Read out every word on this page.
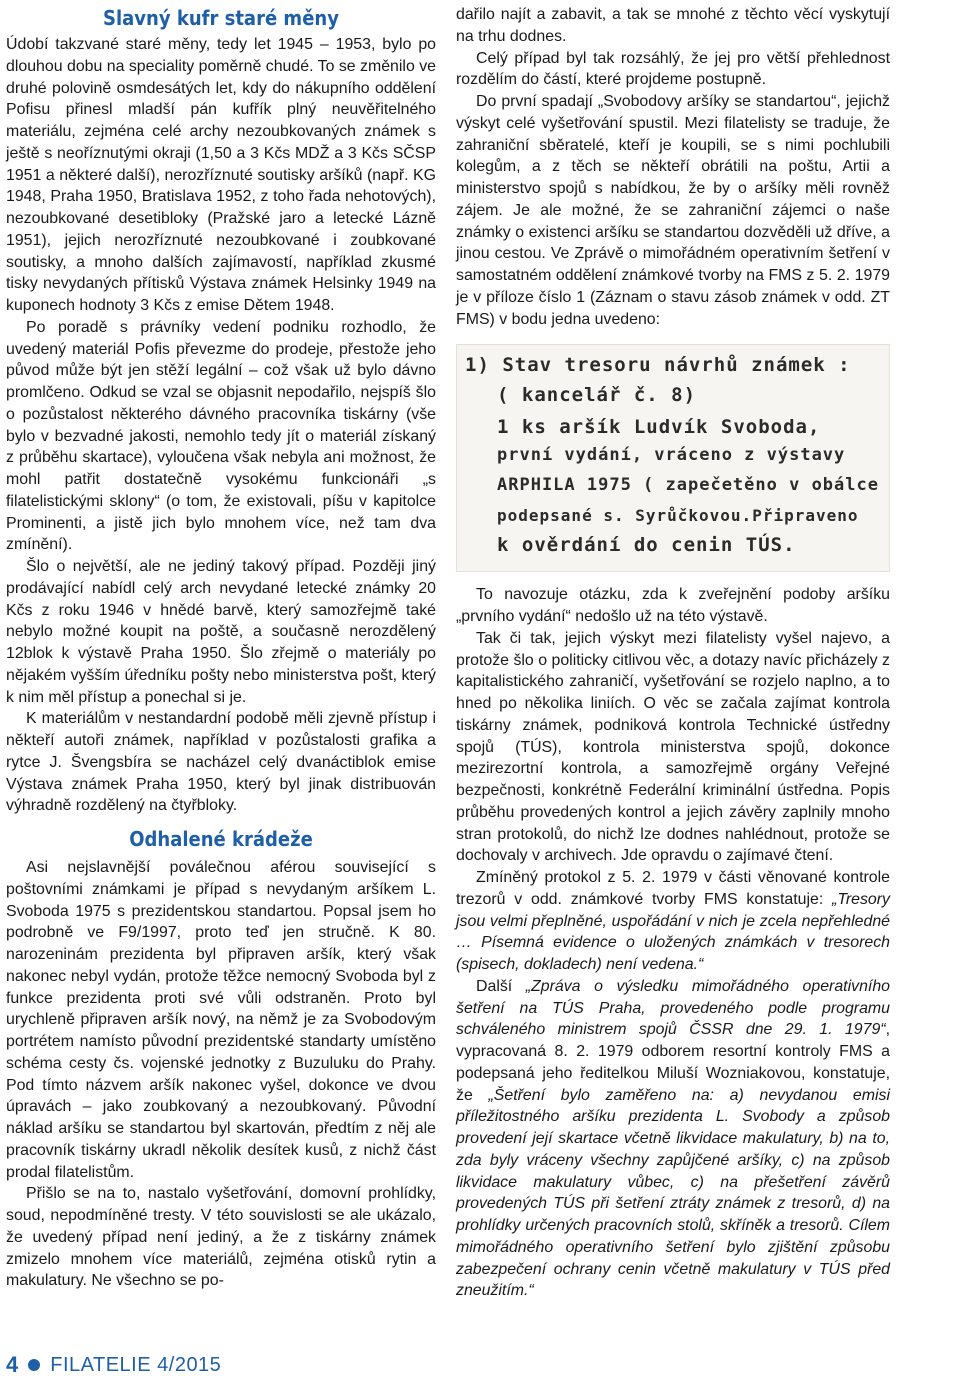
Slavný kufr staré měny

Údobí takzvané staré měny, tedy let 1945 – 1953, bylo po dlouhou dobu na speciality poměrně chudé. To se změnilo ve druhé polovině osmdesátých let, kdy do nákupního oddělení Pofisu přinesl mladší pán kufřík plný neuvěřitelného materiálu, zejména celé archy nezoubkovaných známek s ještě s neoříznutými okraji (1,50 a 3 Kčs MDŽ a 3 Kčs SČSP 1951 a některé další), nerozříznuté soutisky aršíků (např. KG 1948, Praha 1950, Bratislava 1952, z toho řada nehotových), nezoubkované desetibloky (Pražské jaro a letecké Lázně 1951), jejich nerozříznuté nezoubkované i zoubkované soutisky, a mnoho dalších zajímavostí, například zkusmé tisky nevydaných přítisků Výstava známek Helsinky 1949 na kuponech hodnoty 3 Kčs z emise Dětem 1948.

Po poradě s právníky vedení podniku rozhodlo, že uvedený materiál Pofis převezme do prodeje, přestože jeho původ může být jen stěží legální – což však už bylo dávno promlčeno. Odkud se vzal se objasnit nepodařilo, nejspíš šlo o pozůstalost některého dávného pracovníka tiskárny (vše bylo v bezvadné jakosti, nemohlo tedy jít o materiál získaný z průběhu skartace), vyloučena však nebyla ani možnost, že mohl patřit dostatečně vysokému funkcionáři „s filatelistickými sklony“ (o tom, že existovali, píšu v kapitolce Prominenti, a jistě jich bylo mnohem více, než tam dva zmínění).

Šlo o největší, ale ne jediný takový případ. Později jiný prodávající nabídl celý arch nevydané letecké známky 20 Kčs z roku 1946 v hnědé barvě, který samozřejmě také nebylo možné koupit na poště, a současně nerozdělený 12blok k výstavě Praha 1950. Šlo zřejmě o materiály po nějakém vyšším úředníku pošty nebo ministerstva pošt, který k nim měl přístup a ponechal si je.

K materiálům v nestandardní podobě měli zjevně přístup i někteří autoři známek, například v pozůstalosti grafika a rytce J. Švengsbíra se nacházel celý dvanáctiblok emise Výstava známek Praha 1950, který byl jinak distribuován výhradně rozdělený na čtyřbloky.

Odhalené krádeže

Asi nejslavnější poválečnou aférou související s poštovními známkami je případ s nevydaným aršíkem L. Svoboda 1975 s prezidentskou standartou. Popsal jsem ho podrobně ve F9/1997, proto teď jen stručně. K 80. narozeninám prezidenta byl připraven aršík, který však nakonec nebyl vydán, protože těžce nemocný Svoboda byl z funkce prezidenta proti své vůli odstraněn. Proto byl urychleně připraven aršík nový, na němž je za Svobodovým portrétem namísto původní prezidentské standarty umístěno schéma cesty čs. vojenské jednotky z Buzuluku do Prahy. Pod tímto názvem aršík nakonec vyšel, dokonce ve dvou úpravách – jako zoubkovaný a nezoubkovaný. Původní náklad aršíku se standartou byl skartován, předtím z něj ale pracovník tiskárny ukradl několik desítek kusů, z nichž část prodal filatelistům.

Přišlo se na to, nastalo vyšetřování, domovní prohlídky, soud, nepodmíněné tresty. V této souvislosti se ale ukázalo, že uvedený případ není jediný, a že z tiskárny známek zmizelo mnohem více materiálů, zejména otisků rytin a makulatury. Ne všechno se po-

dařilo najít a zabavit, a tak se mnohé z těchto věcí vyskytují na trhu dodnes.

Celý případ byl tak rozsáhlý, že jej pro větší přehlednost rozdělím do částí, které projdeme postupně.

Do první spadají „Svobodovy aršíky se standartou“, jejichž výskyt celé vyšetřování spustil. Mezi filatelisty se traduje, že zahraniční sběratelé, kteří je koupili, se s nimi pochlubili kolegům, a z těch se někteří obrátili na poštu, Artii a ministerstvo spojů s nabídkou, že by o aršíky měli rovněž zájem. Je ale možné, že se zahraniční zájemci o naše známky o existenci aršíku se standartou dozvěděli už dříve, a jinou cestou. Ve Zprávě o mimořádném operativním šetření v samostatném oddělení známkové tvorby na FMS z 5. 2. 1979 je v příloze číslo 1 (Záznam o stavu zásob známek v odd. ZT FMS) v bodu jedna uvedeno:

1) Stav tresoru návrhů známek :
( kancelář č. 8)
1 ks aršík Ludvík Svoboda,
první vydání, vráceno z výstavy
ARPHILA 1975 ( zapečetěno v obálce
podepsané s. Syrůčkovou.Připraveno
k ověrdání do cenin TÚS.

To navozuje otázku, zda k zveřejnění podoby aršíku „prvního vydání“ nedošlo už na této výstavě.

Tak či tak, jejich výskyt mezi filatelisty vyšel najevo, a protože šlo o politicky citlivou věc, a dotazy navíc přicházely z kapitalistického zahraničí, vyšetřování se rozjelo naplno, a to hned po několika liniích. O věc se začala zajímat kontrola tiskárny známek, podniková kontrola Technické ústředny spojů (TÚS), kontrola ministerstva spojů, dokonce mezirezortní kontrola, a samozřejmě orgány Veřejné bezpečnosti, konkrétně Federální kriminální ústředna. Popis průběhu provedených kontrol a jejich závěry zaplnily mnoho stran protokolů, do nichž lze dodnes nahlédnout, protože se dochovaly v archivech. Jde opravdu o zajímavé čtení.

Zmíněný protokol z 5. 2. 1979 v části věnované kontrole trezorů v odd. známkové tvorby FMS konstatuje: „Tresory jsou velmi přeplněné, uspořádání v nich je zcela nepřehledné … Písemná evidence o uložených známkách v tresorech (spisech, dokladech) není vedena.“

Další „Zpráva o výsledku mimořádného operativního šetření na TÚS Praha, provedeného podle programu schváleného ministrem spojů ČSSR dne 29. 1. 1979“, vypracovaná 8. 2. 1979 odborem resortní kontroly FMS a podepsaná jeho ředitelkou Miluší Wozniakovou, konstatuje, že „Šetření bylo zaměřeno na: a) nevydanou emisi příležitostného aršíku prezidenta L. Svobody a způsob provedení její skartace včetně likvidace makulatury, b) na to, zda byly vráceny všechny zapůjčené aršíky, c) na způsob likvidace makulatury vůbec, c) na přešetření závěrů provedených TÚS při šetření ztráty známek z tresorů, d) na prohlídky určených pracovních stolů, skříněk a tresorů. Cílem mimořádného operativního šetření bylo zjištění způsobu zabezpečení ochrany cenin včetně makulatury v TÚS před zneužitím.“

4 FILATELIE 4/2015
